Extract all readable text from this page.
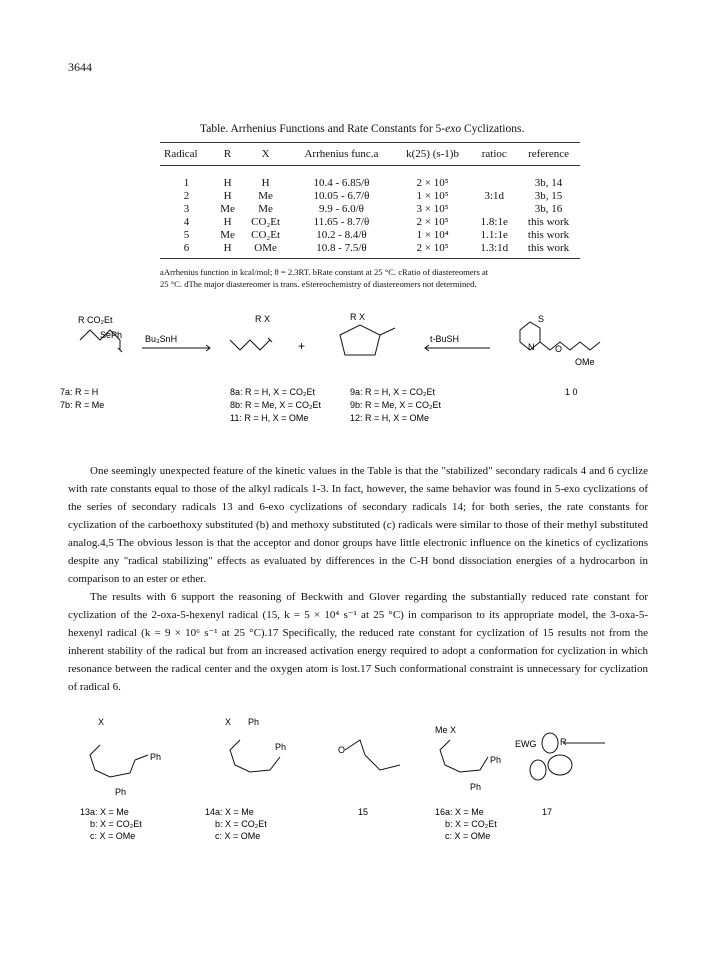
3644
Table. Arrhenius Functions and Rate Constants for 5-exo Cyclizations.
Radical	R	X	Arrhenius func.a	k(25) (s-1)b	ratioc	reference
1	H	H	10.4 - 6.85/θ	2 × 10⁵		3b, 14
2	H	Me	10.05 - 6.7/θ	1 × 10⁵	3:1d	3b, 15
3	Me	Me	9.9 - 6.0/θ	3 × 10⁵		3b, 16
4	H	CO₂Et	11.65 - 8.7/θ	2 × 10⁵	1.8:1e	this work
5	Me	CO₂Et	10.2 - 8.4/θ	1 × 10⁴	1.1:1e	this work
6	H	OMe	10.8 - 7.5/θ	2 × 10⁵	1.3:1d	this work
aArrhenius function in kcal/mol; θ = 2.3RT. bRate constant at 25 °C. cRatio of diastereomers at
25 °C. dThe major diastereomer is trans. eStereochemistry of diastereomers not determined.
R CO₂Et
SePh	Bu₃SnH
R X
+
R X
t-BuSH
S
N O
OMe
7a: R = H
7b: R = Me
8a: R = H, X = CO₂Et
8b: R = Me, X = CO₂Et
11: R = H, X = OMe
9a: R = H, X = CO₂Et
9b: R = Me, X = CO₂Et
12: R = H, X = OMe
1 0

One seemingly unexpected feature of the kinetic values in the Table is that the "stabilized" secondary radicals 4 and 6 cyclize with rate constants equal to those of the alkyl radicals 1-3. In fact, however, the same behavior was found in 5-exo cyclizations of the series of secondary radicals 13 and 6-exo cyclizations of secondary radicals 14; for both series, the rate constants for cyclization of the carboethoxy substituted (b) and methoxy substituted (c) radicals were similar to those of their methyl substituted analog.4,5 The obvious lesson is that the acceptor and donor groups have little electronic influence on the kinetics of cyclizations despite any "radical stabilizing" effects as evaluated by differences in the C-H bond dissociation energies of a hydrocarbon in comparison to an ester or ether.

The results with 6 support the reasoning of Beckwith and Glover regarding the substantially reduced rate constant for cyclization of the 2-oxa-5-hexenyl radical (15, k = 5 × 10⁴ s⁻¹ at 25 °C) in comparison to its appropriate model, the 3-oxa-5-hexenyl radical (k = 9 × 10⁶ s⁻¹ at 25 °C).17 Specifically, the reduced rate constant for cyclization of 15 results not from the inherent stability of the radical but from an increased activation energy required to adopt a conformation for cyclization in which resonance between the radical center and the oxygen atom is lost.17 Such conformational constraint is unnecessary for cyclization of radical 6.

X
Ph
Ph
X Ph
Ph	O
Me X
Ph
Ph
EWG	R
13a: X = Me
b: X = CO₂Et
c: X = OMe
14a: X = Me
b: X = CO₂Et
c: X = OMe
15	16a: X = Me
b: X = CO₂Et
c: X = OMe
17
